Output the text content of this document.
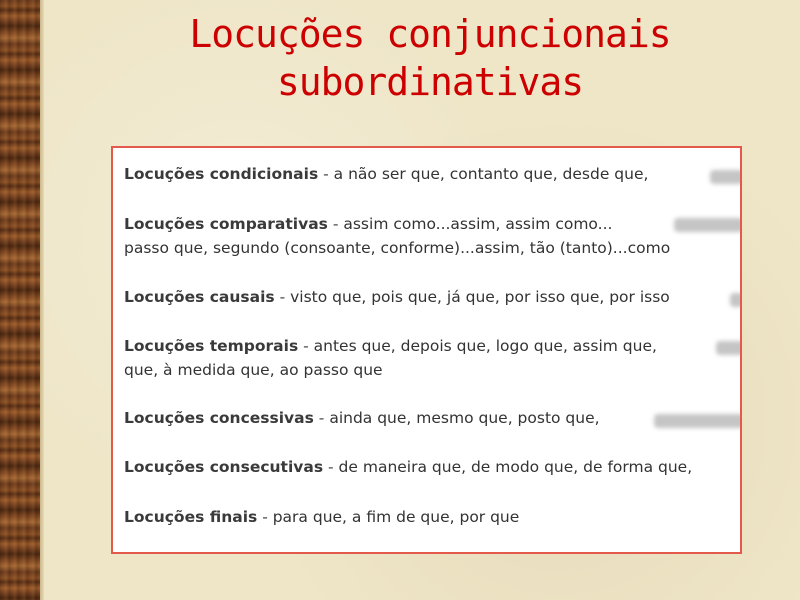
Locuções conjuncionais
subordinativas
Locuções condicionais - a não ser que, contanto que, desde que,
Locuções comparativas - assim como...assim, assim como...
passo que, segundo (consoante, conforme)...assim, tão (tanto)...como
Locuções causais - visto que, pois que, já que, por isso que, por isso
Locuções temporais - antes que, depois que, logo que, assim que,
que, à medida que, ao passo que
Locuções concessivas - ainda que, mesmo que, posto que,
Locuções consecutivas - de maneira que, de modo que, de forma que,
Locuções finais - para que, a fim de que, por que
